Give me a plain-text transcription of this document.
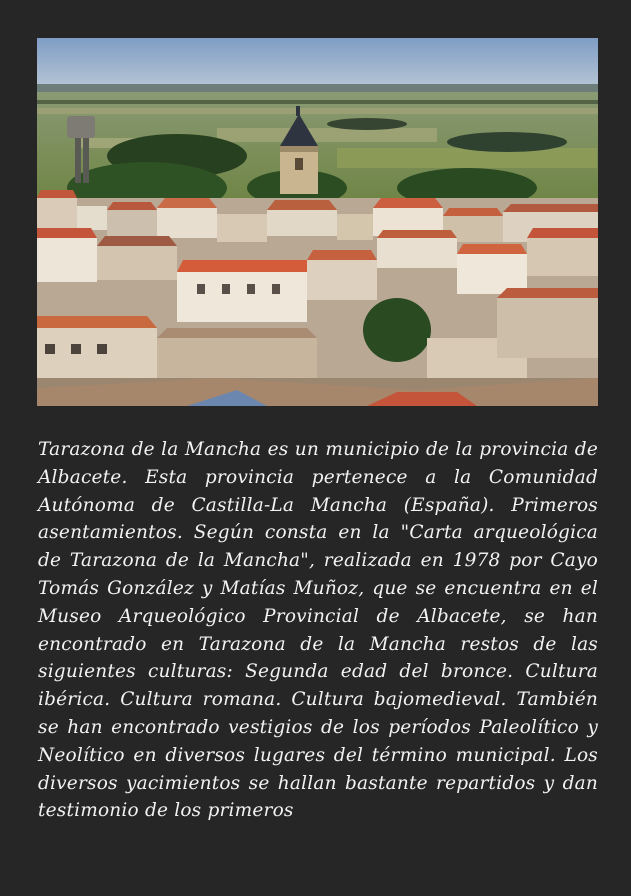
Tarazona de la Mancha es un municipio de la provincia de Albacete. Esta provincia pertenece a la Comunidad Autónoma de Castilla-La Mancha (España). Primeros asentamientos. Según consta en la "Carta arqueológica de Tarazona de la Mancha", realizada en 1978 por Cayo Tomás González y Matías Muñoz, que se encuentra en el Museo Arqueológico Provincial de Albacete, se han encontrado en Tarazona de la Mancha restos de las siguientes culturas: Segunda edad del bronce. Cultura ibérica. Cultura romana. Cultura bajomedieval. También se han encontrado vestigios de los períodos Paleolítico y Neolítico en diversos lugares del término municipal. Los diversos yacimientos se hallan bastante repartidos y dan testimonio de los primeros
